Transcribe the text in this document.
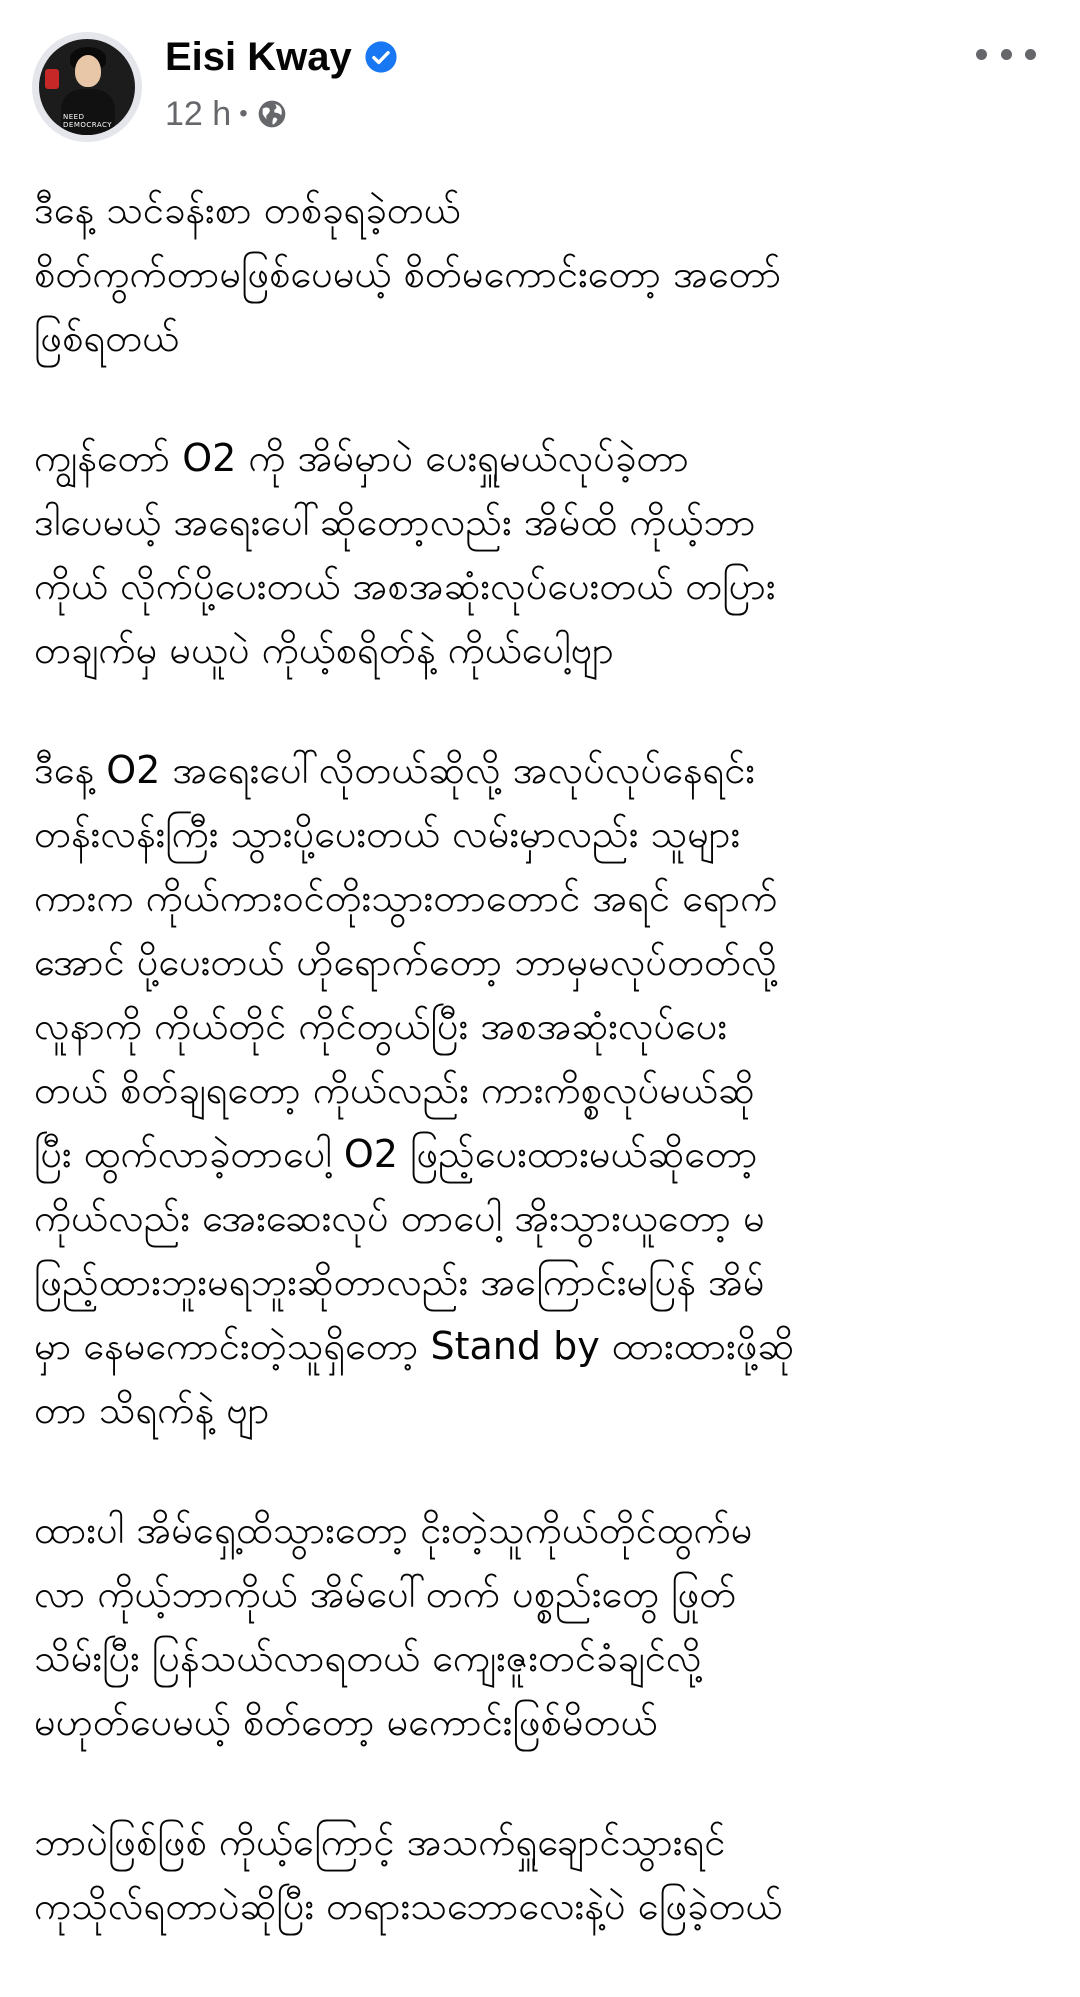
NEED DEMOCRACY
Eisi Kway
12 h •
ဒီနေ့ သင်ခန်းစာ တစ်ခုရခဲ့တယ်
စိတ်ကွက်တာမဖြစ်ပေမယ့် စိတ်မကောင်းတော့ အတော်
ဖြစ်ရတယ်
ကျွန်တော် O2 ကို အိမ်မှာပဲ ပေးရှူမယ်လုပ်ခဲ့တာ
ဒါပေမယ့် အရေးပေါ်ဆိုတော့လည်း အိမ်ထိ ကိုယ့်ဘာ
ကိုယ် လိုက်ပို့ပေးတယ် အစအဆုံးလုပ်ပေးတယ် တပြား
တချက်မှ မယူပဲ ကိုယ့်စရိတ်နဲ့ ကိုယ်ပေါ့ဗျာ
ဒီနေ့ O2 အရေးပေါ်လိုတယ်ဆိုလို့ အလုပ်လုပ်နေရင်း
တန်းလန်းကြီး သွားပို့ပေးတယ် လမ်းမှာလည်း သူများ
ကားက ကိုယ်ကားဝင်တိုးသွားတာတောင် အရင် ရောက်
အောင် ပို့ပေးတယ် ဟိုရောက်တော့ ဘာမှမလုပ်တတ်လို့
လူနာကို ကိုယ်တိုင် ကိုင်တွယ်ပြီး အစအဆုံးလုပ်ပေး
တယ် စိတ်ချရတော့ ကိုယ်လည်း ကားကိစ္စလုပ်မယ်ဆို
ပြီး ထွက်လာခဲ့တာပေါ့ O2 ဖြည့်ပေးထားမယ်ဆိုတော့
ကိုယ်လည်း အေးဆေးလုပ် တာပေါ့ အိုးသွားယူတော့ မ
ဖြည့်ထားဘူးမရဘူးဆိုတာလည်း အကြောင်းမပြန် အိမ်
မှာ နေမကောင်းတဲ့သူရှိတော့ Stand by ထားထားဖို့ဆို
တာ သိရက်နဲ့ ဗျာ
ထားပါ အိမ်ရှေ့ထိသွားတော့ ငိုးတဲ့သူကိုယ်တိုင်ထွက်မ
လာ ကိုယ့်ဘာကိုယ် အိမ်ပေါ်တက် ပစ္စည်းတွေ ဖြုတ်
သိမ်းပြီး ပြန်သယ်လာရတယ် ကျေးဇူးတင်ခံချင်လို့
မဟုတ်ပေမယ့် စိတ်တော့ မကောင်းဖြစ်မိတယ်
ဘာပဲဖြစ်ဖြစ် ကိုယ့်ကြောင့် အသက်ရှူချောင်သွားရင်
ကုသိုလ်ရတာပဲဆိုပြီး တရားသဘောလေးနဲ့ပဲ ဖြေခဲ့တယ်
